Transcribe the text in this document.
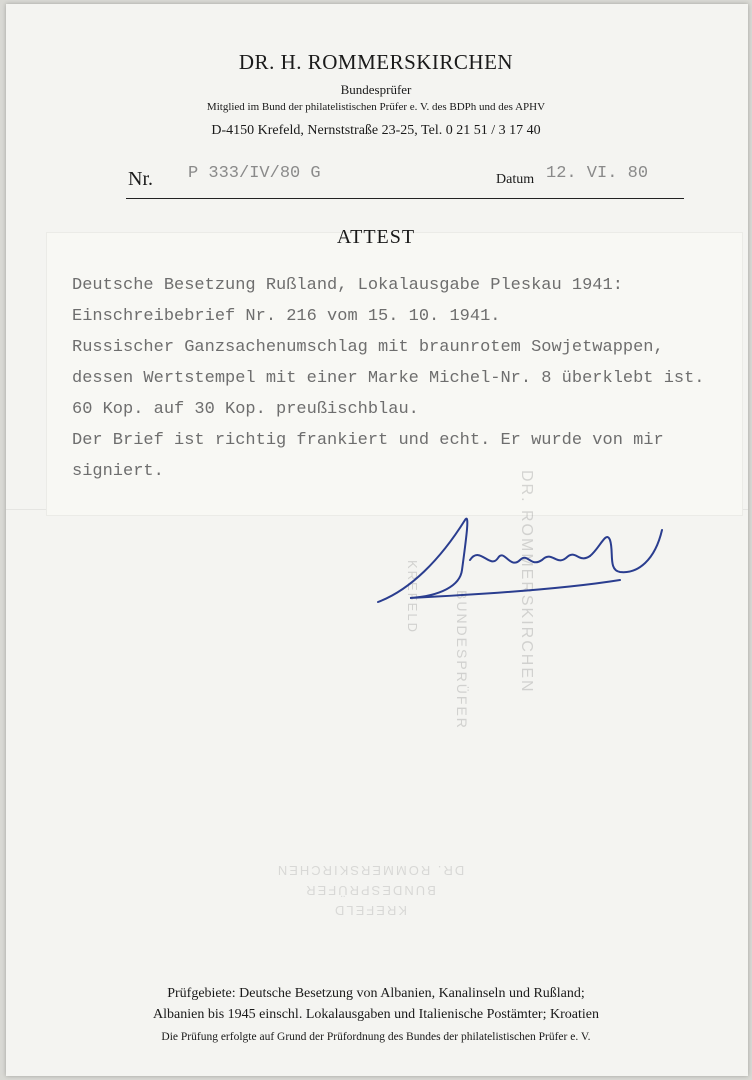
DR. H. ROMMERSKIRCHEN
Bundesprüfer
Mitglied im Bund der philatelistischen Prüfer e. V. des BDPh und des APHV
D-4150 Krefeld, Nernststraße 23-25, Tel. 0 21 51 / 3 17 40
Nr. P 333/IV/80 G	Datum 12. VI. 80
ATTEST
Deutsche Besetzung Rußland, Lokalausgabe Pleskau 1941:
Einschreibebrief Nr. 216 vom 15. 10. 1941.
Russischer Ganzsachenumschlag mit braunrotem Sowjetwappen,
dessen Wertstempel mit einer Marke Michel-Nr. 8 überklebt ist.
60 Kop. auf 30 Kop. preußischblau.
Der Brief ist richtig frankiert und echt. Er wurde von mir
signiert.	DR. ROMMERSKIRCHEN
BUNDESPRÜFER
KREFELD
KREFELD
BUNDESPRÜFER
DR. ROMMERSKIRCHEN
Prüfgebiete: Deutsche Besetzung von Albanien, Kanalinseln und Rußland;
Albanien bis 1945 einschl. Lokalausgaben und Italienische Postämter; Kroatien
Die Prüfung erfolgte auf Grund der Prüfordnung des Bundes der philatelistischen Prüfer e. V.
